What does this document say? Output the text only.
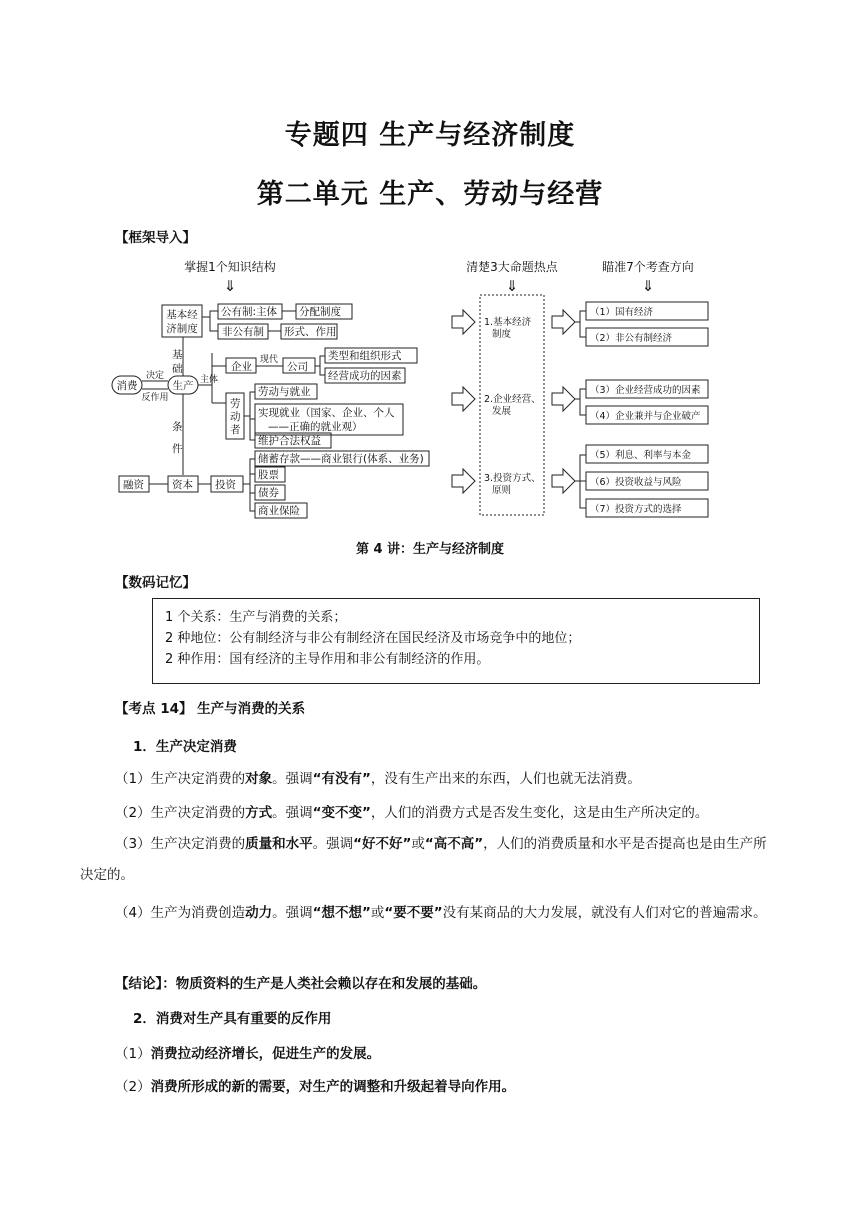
专题四 生产与经济制度
第二单元 生产、劳动与经营
【框架导入】
掌握1个知识结构	清楚3大命题热点	瞄准7个考查方向
⇓	⇓	⇓
基本经
济制度
公有制:主体 分配制度
非公有制 形式、作用
基
础
消费	生产
决定
反作用
主体
企业
现代
公司
类型和组织形式
经营成功的因素
劳
动
者
劳动与就业
实现就业（国家、企业、个人
——正确的就业观）
维护合法权益
条
件
融资	资本 投资
储蓄存款——商业银行(体系、业务)
股票
债券
商业保险
1.基本经济
制度
2.企业经营、
发展
3.投资方式、
原则
（1）国有经济
（2）非公有制经济
（3）企业经营成功的因素
（4）企业兼并与企业破产
（5）利息、利率与本金
（6）投资收益与风险
（7）投资方式的选择
第 4 讲：生产与经济制度
【数码记忆】
1 个关系：生产与消费的关系；
2 种地位：公有制经济与非公有制经济在国民经济及市场竞争中的地位；
2 种作用：国有经济的主导作用和非公有制经济的作用。
【考点 14】 生产与消费的关系
1．生产决定消费
（1）生产决定消费的对象。强调“有没有”，没有生产出来的东西，人们也就无法消费。
（2）生产决定消费的方式。强调“变不变”，人们的消费方式是否发生变化，这是由生产所决定的。
（3）生产决定消费的质量和水平。强调“好不好”或“高不高”，人们的消费质量和水平是否提高也是由生产所决定的。
（4）生产为消费创造动力。强调“想不想”或“要不要”没有某商品的大力发展，就没有人们对它的普遍需求。
【结论】：物质资料的生产是人类社会赖以存在和发展的基础。
2．消费对生产具有重要的反作用
（1）消费拉动经济增长，促进生产的发展。
（2）消费所形成的新的需要，对生产的调整和升级起着导向作用。
